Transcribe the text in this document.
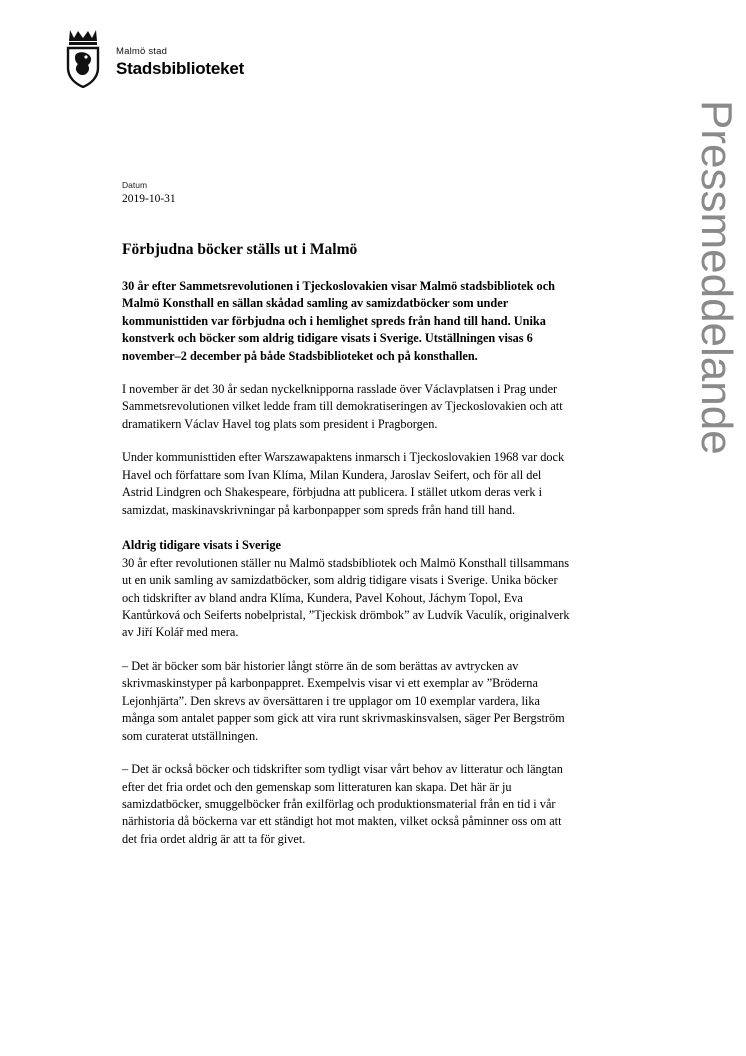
Malmö stad
Stadsbiblioteket
Pressmeddelande
Datum
2019-10-31
Förbjudna böcker ställs ut i Malmö

30 år efter Sammetsrevolutionen i Tjeckoslovakien visar Malmö stadsbibliotek och Malmö Konsthall en sällan skådad samling av samizdatböcker som under kommunisttiden var förbjudna och i hemlighet spreds från hand till hand. Unika konstverk och böcker som aldrig tidigare visats i Sverige. Utställningen visas 6 november–2 december på både Stadsbiblioteket och på konsthallen.

I november är det 30 år sedan nyckelknipporna rasslade över Václavplatsen i Prag under Sammetsrevolutionen vilket ledde fram till demokratiseringen av Tjeckoslovakien och att dramatikern Václav Havel tog plats som president i Pragborgen.

Under kommunisttiden efter Warszawapaktens inmarsch i Tjeckoslovakien 1968 var dock Havel och författare som Ivan Klíma, Milan Kundera, Jaroslav Seifert, och för all del Astrid Lindgren och Shakespeare, förbjudna att publicera. I stället utkom deras verk i samizdat, maskinavskrivningar på karbonpapper som spreds från hand till hand.

Aldrig tidigare visats i Sverige

30 år efter revolutionen ställer nu Malmö stadsbibliotek och Malmö Konsthall tillsammans ut en unik samling av samizdatböcker, som aldrig tidigare visats i Sverige. Unika böcker och tidskrifter av bland andra Klíma, Kundera, Pavel Kohout, Jáchym Topol, Eva Kantůrková och Seiferts nobelpristal, ”Tjeckisk drömbok” av Ludvík Vaculík, originalverk av Jiří Kolář med mera.

– Det är böcker som bär historier långt större än de som berättas av avtrycken av skrivmaskinstyper på karbonpappret. Exempelvis visar vi ett exemplar av ”Bröderna Lejonhjärta”. Den skrevs av översättaren i tre upplagor om 10 exemplar vardera, lika många som antalet papper som gick att vira runt skrivmaskinsvalsen, säger Per Bergström som curaterat utställningen.

– Det är också böcker och tidskrifter som tydligt visar vårt behov av litteratur och längtan efter det fria ordet och den gemenskap som litteraturen kan skapa. Det här är ju samizdatböcker, smuggelböcker från exilförlag och produktionsmaterial från en tid i vår närhistoria då böckerna var ett ständigt hot mot makten, vilket också påminner oss om att det fria ordet aldrig är att ta för givet.
